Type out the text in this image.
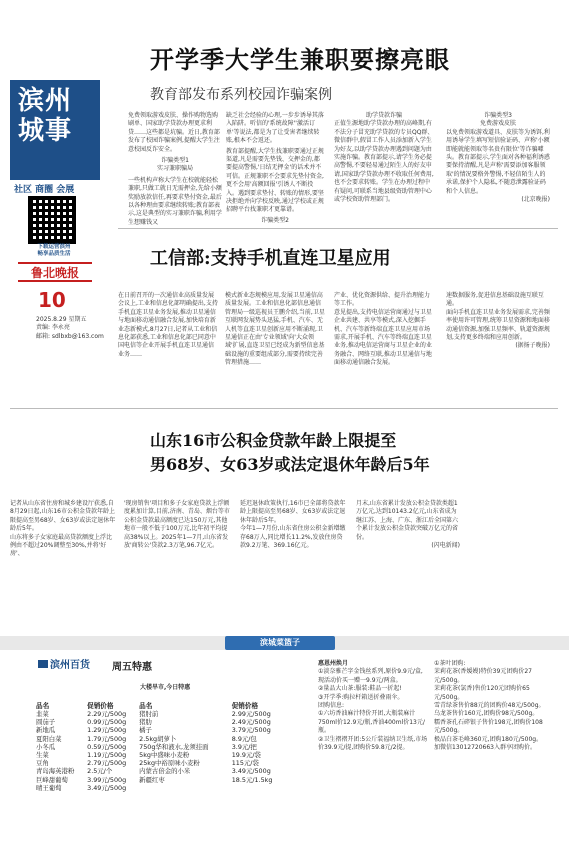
滨州城事
社区 商圈 会展
下载运营滨州
畅享品质生活
鲁北晚报
10
2025.8.29 星期五
责编: 李永亮
邮箱: sdlbxb@163.com
开学季大学生兼职要擦亮眼
教育部发布系列校园诈骗案例
免费领取游戏皮肤、操作购物选购刷单、国家助学贷款办理更求利贷……这些都是坑骗。近日,教育部发布了校园诈骗案例,提醒大学生注意校园反诈安全。
诈骗类型1
实习兼职骗局
一些机构声称大学生在校就能轻松兼职,只做工就日无需押金,先给小额奖励放款信任,再要求垫付资金,最后以各种理由要求继续转账;教育部表示,这是典型的实习兼职诈骗,利用学生想赚钱又
缺乏社会经验的心理,一步步诱导其落入陷阱。听信的'系统故障''激活订单'等说法,都是为了让受害者继续转账,根本不会返还。
教育部提醒,大学生找兼职要通过正规渠道,凡是需要先垫钱、交押金的,都要提高警惕,'日结无押金'的话术并不可信。正规兼职不会要求先垫付资金,更不会用'高额回报'引诱人不断投入。遇到要求垫付、转账的情形,要坚决拒绝并向学校反映,通过学校或正规招聘平台找兼职才更靠谱。
诈骗类型2
助学贷款诈骗
正值生源地助学贷款办理的高峰期,有不法分子冒充助学贷款的专员QQ群、微信群中,假冒工作人员添加新入学生为好友,以助学贷款办理遇到问题为由实施诈骗。教育部提示,请学生务必提高警惕,不要轻易通过陌生人的好友申请,国家助学贷款办理不收取任何费用,也不会要求转账。学生在办理过程中有疑问,可联系当地县级资助管理中心或学校资助管理部门。
诈骗类型3
免费游戏皮肤
以免费领取游戏道具、皮肤等为诱饵,利用诱导学生填写短信验证码、声称'小额即能就能领取等名贵有限位'等诈骗噱头。教育部提示,学生面对各种福利诱惑要保持清醒,凡是声称'需要添加客服领取'的情况要格外警惕,不轻信陌生人的承诺,保护个人隐私,不随意泄露验证码和个人信息。
(北京晚报)
工信部:支持手机直连卫星应用
在日前召开的一次通信业高质量发展会议上,工业和信息化部明确提出,支持手机直连卫星业务发展,推动卫星通信与地面移动通信融合发展,加快培育新业态新模式,8月27日,记者从工业和信息化部获悉,工业和信息化部已同意中国电信等企业开展手机直连卫星通信业务……
模式新业态规模应用,发展卫星通信高质量发展。工业和信息化部信息通信管理局一级巡视员王鹏介绍,当前,卫星互联网发展势头迅猛,手机、汽车、无人机等直连卫星创新应用不断涌现,卫星通信正在由'专业领域'向'大众领域'扩展,直连卫星已经成为新型信息基础设施的重要组成部分,需要持续完善管理措施……
产业、优化资源供给、提升治理能力等工作。
意见提出,支持电信运营商通过与卫星企业共建、共享等模式,深入挖掘手机、汽车等新终端直连卫星应用市场需求,开展手机、汽车等终端直连卫星业务,推动电信运营商与卫星企业的业务融合、网络互联,推动卫星通信与地面移动通信融合发展。
速数据服务,促进信息基础设施互联互通。
面向手机直连卫星业务发展需求,完善频率使用许可管理,统筹卫星资源和地面移动通信资源,加强卫星频率、轨道资源规划,支持更多终端和应用创新。
(据扬子晚报)
山东16市公积金贷款年龄上限提至
男68岁、女63岁或法定退休年龄后5年
记者从山东省住房和城乡建设厅获悉,自8月29日起,山东16市公积金贷款年龄上限提高至男68岁、女63岁或法定退休年龄后5年。
山东将多子女家庭最高贷款额度上浮比例由不超过20%调整至30%,并将'好房'、
'现房销售'项目和多子女家庭贷款上浮额度累加计算,目前,济南、青岛、烟台等市公积金贷款最高额度已达150万元,其他地市一般不低于100万元,比年初平均提高38%以上。2025年1—7月,山东省发放'商转公'贷款2.3万笔,96.7亿元。
延迟退休政策执行,16市已全部将贷款年龄上限提高至男68岁、女63岁或法定退休年龄后5年。
今年1—7月份,山东省住房公积金新增缴存68万人,同比增长11.2%,发放住房贷款9.2万笔、369.16亿元。
月末,山东省累计发放公积金贷款类超1万亿元,达到10143.2亿元,山东省成为继江苏、上海、广东、浙江后全国第六个累计发放公积金贷款突破万亿元的省份。
(闪电新闻)
滨城菜篮子
滨州百货 周五特惠
大楼旱市,今日特惠
品名	促销价格	品名	促销价格
韭菜	2.29元/500g	猪肘前	2.99元/500g
圆茄子	0.99元/500g	猪肋	2.49元/500g
新地瓜	1.29元/500g	橘子	3.79元/500g
夏阳白菜	1.79元/500g	2.5kg胡萝卜	8.9元/包
小冬瓜	0.59元/500g	750g华和液水,龙须挂面	3.9元/把
生菜	1.19元/500g	5kg中盛味小麦粉	19.9元/袋
豆角	2.79元/500g	25kg中裕原味小麦粉	115元/袋
青岛海英港粉	2.5元/个	内蒙古倍金的小米	3.49元/500g
巨峰甜葡萄	3.99元/500g	新疆红枣	18.5元/1.5kg
晴王葡萄	3.49元/500g		
惠恩州焕月
①淡奈雅芒字金钱丝系列,原价9.9元/盒,现活动价买一赠一9.9元/两盒。
②量品大山茶:服装:鞋品一折起!
③开学季:购拉杆箱送折叠雨伞。
团购信息:
①六坊香油麻汁特价开团,大瓶装麻汁750ml价12.9元/瓶,香油400ml价13元/瓶。
②卫生褶褶开团:5公斤装福纳卫生纸,市场价39.9元/提,团购价59.8元/2提。
①茶叶团购:
茉莉花茶(香媛嫚)特价39元团购价27元/500g。
茉莉花茶(氯香)售价120元团购价65元/500g。
雪青绿茶售价88元的团购价48元/500g。
乌龙茶售价160元,团购价98元/500g。
糯香茶孔石碎银子售价198元,团购价108元/500g。
极品白茶毛峰360元,团购180元/500g。
加微信13012720663入群享团购价。
